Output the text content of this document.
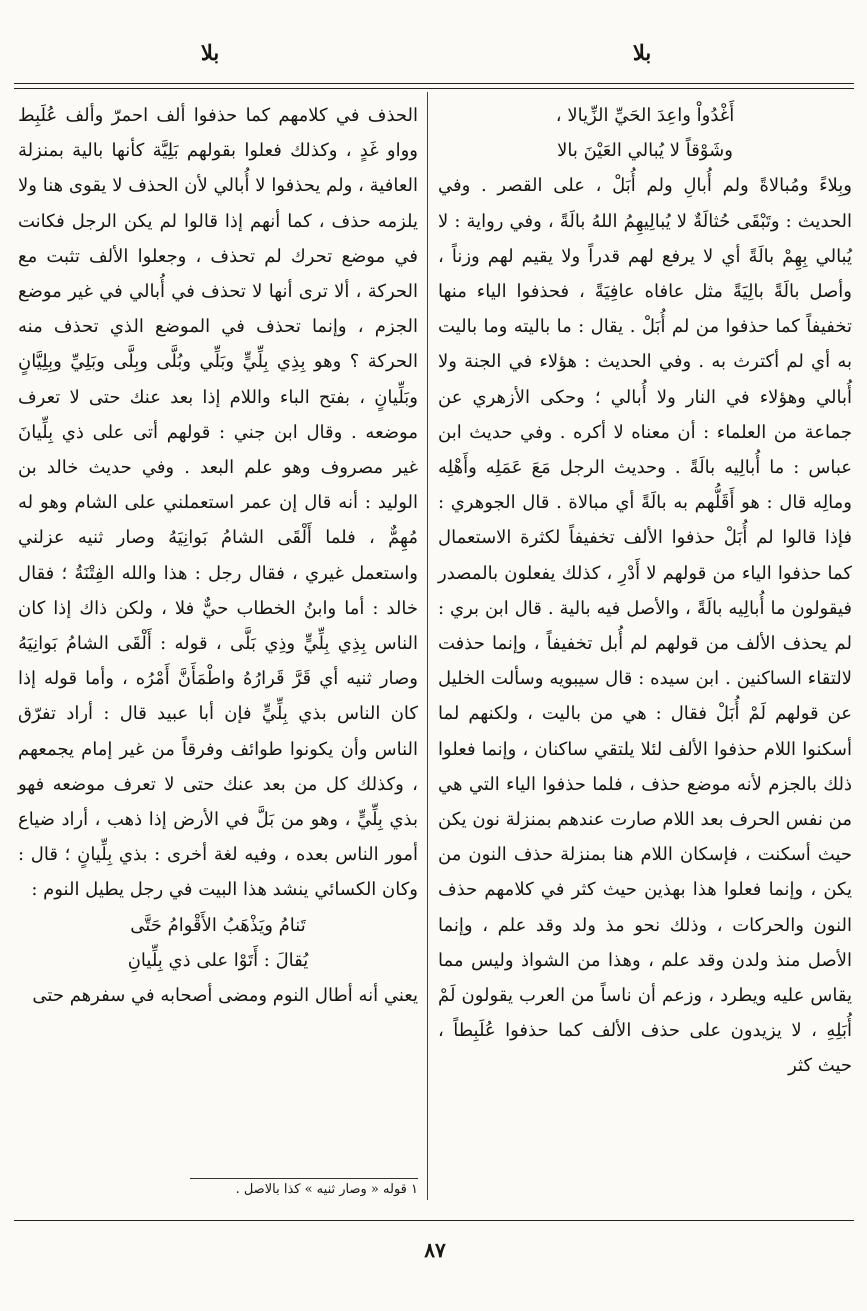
بلا
بلا
أَغْدُواْ واعِدَ الحَيِّ الزِّيالا ،
وشَوْقاً لا يُبالي العَيْنَ بالا

وبِلاءً ومُبالاةً ولم أُبالِ ولم أُبَلْ ، على القصر . وفي الحديث : وتَبْقَى حُثالَةٌ لا يُبالِيهِمُ اللهُ بالَةً ، وفي رواية : لا يُبالي بِهِمْ بالَةً أي لا يرفع لهم قدراً ولا يقيم لهم وزناً ، وأصل بالَةً بالِيَةً مثل عافاه عافِيَةً ، فحذفوا الياء منها تخفيفاً كما حذفوا من لم أُبَلْ . يقال : ما باليته وما باليت به أي لم أكترث به . وفي الحديث : هؤلاء في الجنة ولا أُبالي وهؤلاء في النار ولا أُبالي ؛ وحكى الأزهري عن جماعة من العلماء : أن معناه لا أكره . وفي حديث ابن عباس : ما أُبالِيه بالَةً . وحديث الرجل مَعَ عَمَلِه وأَهْلِه ومالِه قال : هو أَقَلُّهم به بالَةً أي مبالاة . قال الجوهري : فإذا قالوا لم أُبَلْ حذفوا الألف تخفيفاً لكثرة الاستعمال كما حذفوا الياء من قولهم لا أَدْرِ ، كذلك يفعلون بالمصدر فيقولون ما أُبالِيه بالَةً ، والأصل فيه بالية . قال ابن بري : لم يحذف الألف من قولهم لم أُبل تخفيفاً ، وإنما حذفت لالتقاء الساكنين . ابن سيده : قال سيبويه وسألت الخليل عن قولهم لَمْ أُبَلْ فقال : هي من باليت ، ولكنهم لما أسكنوا اللام حذفوا الألف لئلا يلتقي ساكنان ، وإنما فعلوا ذلك بالجزم لأنه موضع حذف ، فلما حذفوا الياء التي هي من نفس الحرف بعد اللام صارت عندهم بمنزلة نون يكن حيث أسكنت ، فإسكان اللام هنا بمنزلة حذف النون من يكن ، وإنما فعلوا هذا بهذين حيث كثر في كلامهم حذف النون والحركات ، وذلك نحو مذ ولد وقد علم ، وإنما الأصل منذ ولدن وقد علم ، وهذا من الشواذ وليس مما يقاس عليه ويطرد ، وزعم أن ناساً من العرب يقولون لَمْ أُبَلِهِ ، لا يزيدون على حذف الألف كما حذفوا عُلَبِطاً ، حيث كثر

الحذف في كلامهم كما حذفوا ألف احمرّ وألف عُلَبِط وواو غَدٍ ، وكذلك فعلوا بقولهم بَلِيَّة كأنها بالية بمنزلة العافية ، ولم يحذفوا لا أُبالي لأن الحذف لا يقوى هنا ولا يلزمه حذف ، كما أنهم إذا قالوا لم يكن الرجل فكانت في موضع تحرك لم تحذف ، وجعلوا الألف تثبت مع الحركة ، ألا ترى أنها لا تحذف في أُبالي في غير موضع الجزم ، وإنما تحذف في الموضع الذي تحذف منه الحركة ؟ وهو بِذِي بِلِّيٍّ وبَلِّي وبُلَّى وبِلَّى وبَلِيِّ وبِلِيَّانٍ وبَلِّيانٍ ، بفتح الباء واللام إذا بعد عنك حتى لا تعرف موضعه . وقال ابن جني : قولهم أتى على ذي بِلِّيانَ غير مصروف وهو علم البعد . وفي حديث خالد بن الوليد : أنه قال إن عمر استعملني على الشام وهو له مُهِمٌّ ، فلما أَلْقَى الشامُ بَوانِيَهُ وصار ثنيه عزلني واستعمل غيري ، فقال رجل : هذا والله الفِتْنَةُ ؛ فقال خالد : أما وابنُ الخطاب حيٌّ فلا ، ولكن ذاك إذا كان الناس بِذِي بِلِّيٍّ وذِي بَلَّى ، قوله : أَلْقَى الشامُ بَوانِيَهُ وصار ثنيه أي قَرَّ قَرارُهُ واطْمَأَنَّ أَمْرُه ، وأما قوله إذا كان الناس بذي بِلِّيٍّ فإن أبا عبيد قال : أراد تفرّق الناس وأن يكونوا طوائف وفرقاً من غير إمام يجمعهم ، وكذلك كل من بعد عنك حتى لا تعرف موضعه فهو بذي بِلِّيٍّ ، وهو من بَلَّ في الأرض إذا ذهب ، أراد ضياع أمور الناس بعده ، وفيه لغة أخرى : بذي بِلِّيانٍ ؛ قال : وكان الكسائي ينشد هذا البيت في رجل يطيل النوم :

تَنامُ ويَذْهَبُ الأَقْوامُ حَتَّى
يُقالَ : أَتَوْا على ذي بِلِّيانِ

يعني أنه أطال النوم ومضى أصحابه في سفرهم حتى

١ قوله « وصار ثنيه » كذا بالاصل .
٨٧
